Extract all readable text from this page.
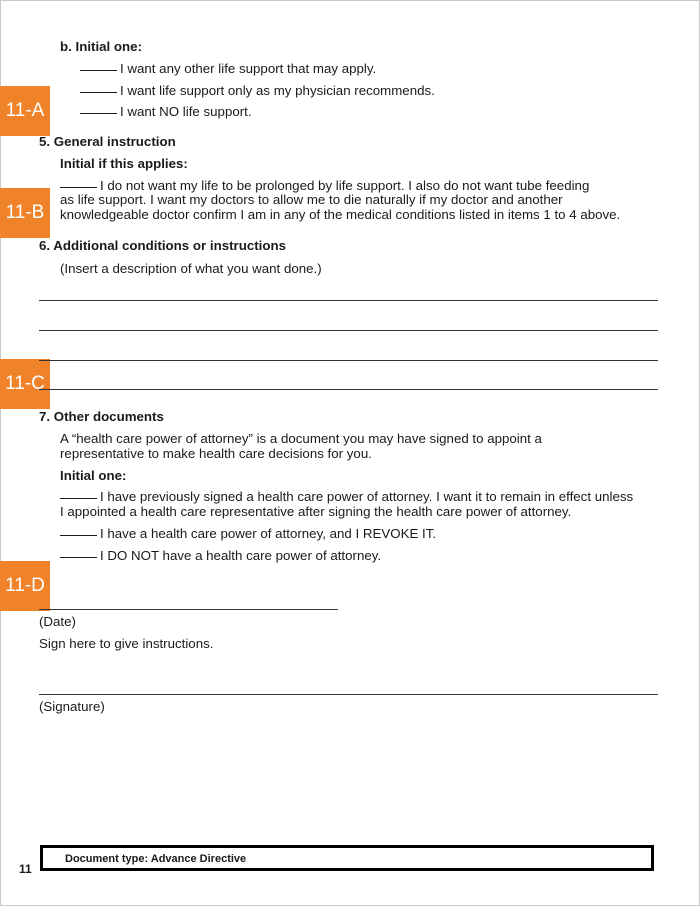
11-A
11-B
11-C
11-D
b. Initial one:
I want any other life support that may apply.
I want life support only as my physician recommends.
I want NO life support.
5. General instruction
Initial if this applies:
I do not want my life to be prolonged by life support. I also do not want tube feeding
as life support. I want my doctors to allow me to die naturally if my doctor and another
knowledgeable doctor confirm I am in any of the medical conditions listed in items 1 to 4 above.
6. Additional conditions or instructions
(Insert a description of what you want done.)
7. Other documents
A “health care power of attorney” is a document you may have signed to appoint a
representative to make health care decisions for you.
Initial one:
I have previously signed a health care power of attorney. I want it to remain in effect unless
I appointed a health care representative after signing the health care power of attorney.
I have a health care power of attorney, and I REVOKE IT.
I DO NOT have a health care power of attorney.
(Date)
Sign here to give instructions.
(Signature)
11
Document type: Advance Directive
